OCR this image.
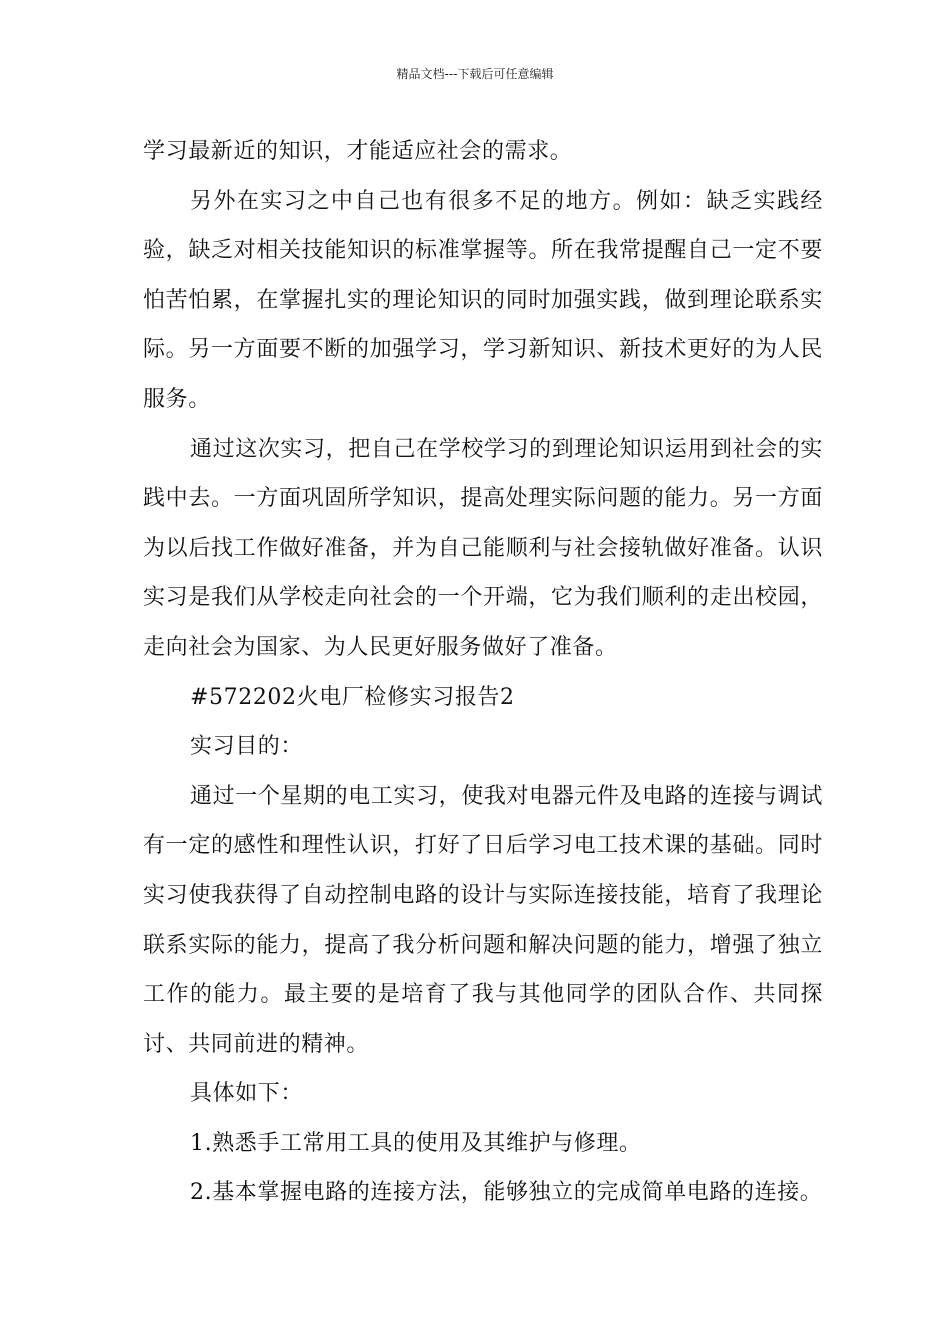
精品文档---下载后可任意编辑

学习最新近的知识，才能适应社会的需求。

另外在实习之中自己也有很多不足的地方。例如：缺乏实践经验，缺乏对相关技能知识的标准掌握等。所在我常提醒自己一定不要怕苦怕累，在掌握扎实的理论知识的同时加强实践，做到理论联系实际。另一方面要不断的加强学习，学习新知识、新技术更好的为人民服务。

通过这次实习，把自己在学校学习的到理论知识运用到社会的实践中去。一方面巩固所学知识，提高处理实际问题的能力。另一方面为以后找工作做好准备，并为自己能顺利与社会接轨做好准备。认识实习是我们从学校走向社会的一个开端，它为我们顺利的走出校园，走向社会为国家、为人民更好服务做好了准备。

#572202火电厂检修实习报告2

实习目的：

通过一个星期的电工实习，使我对电器元件及电路的连接与调试有一定的感性和理性认识，打好了日后学习电工技术课的基础。同时实习使我获得了自动控制电路的设计与实际连接技能，培育了我理论联系实际的能力，提高了我分析问题和解决问题的能力，增强了独立工作的能力。最主要的是培育了我与其他同学的团队合作、共同探讨、共同前进的精神。

具体如下：

1.熟悉手工常用工具的使用及其维护与修理。

2.基本掌握电路的连接方法，能够独立的完成简单电路的连接。
